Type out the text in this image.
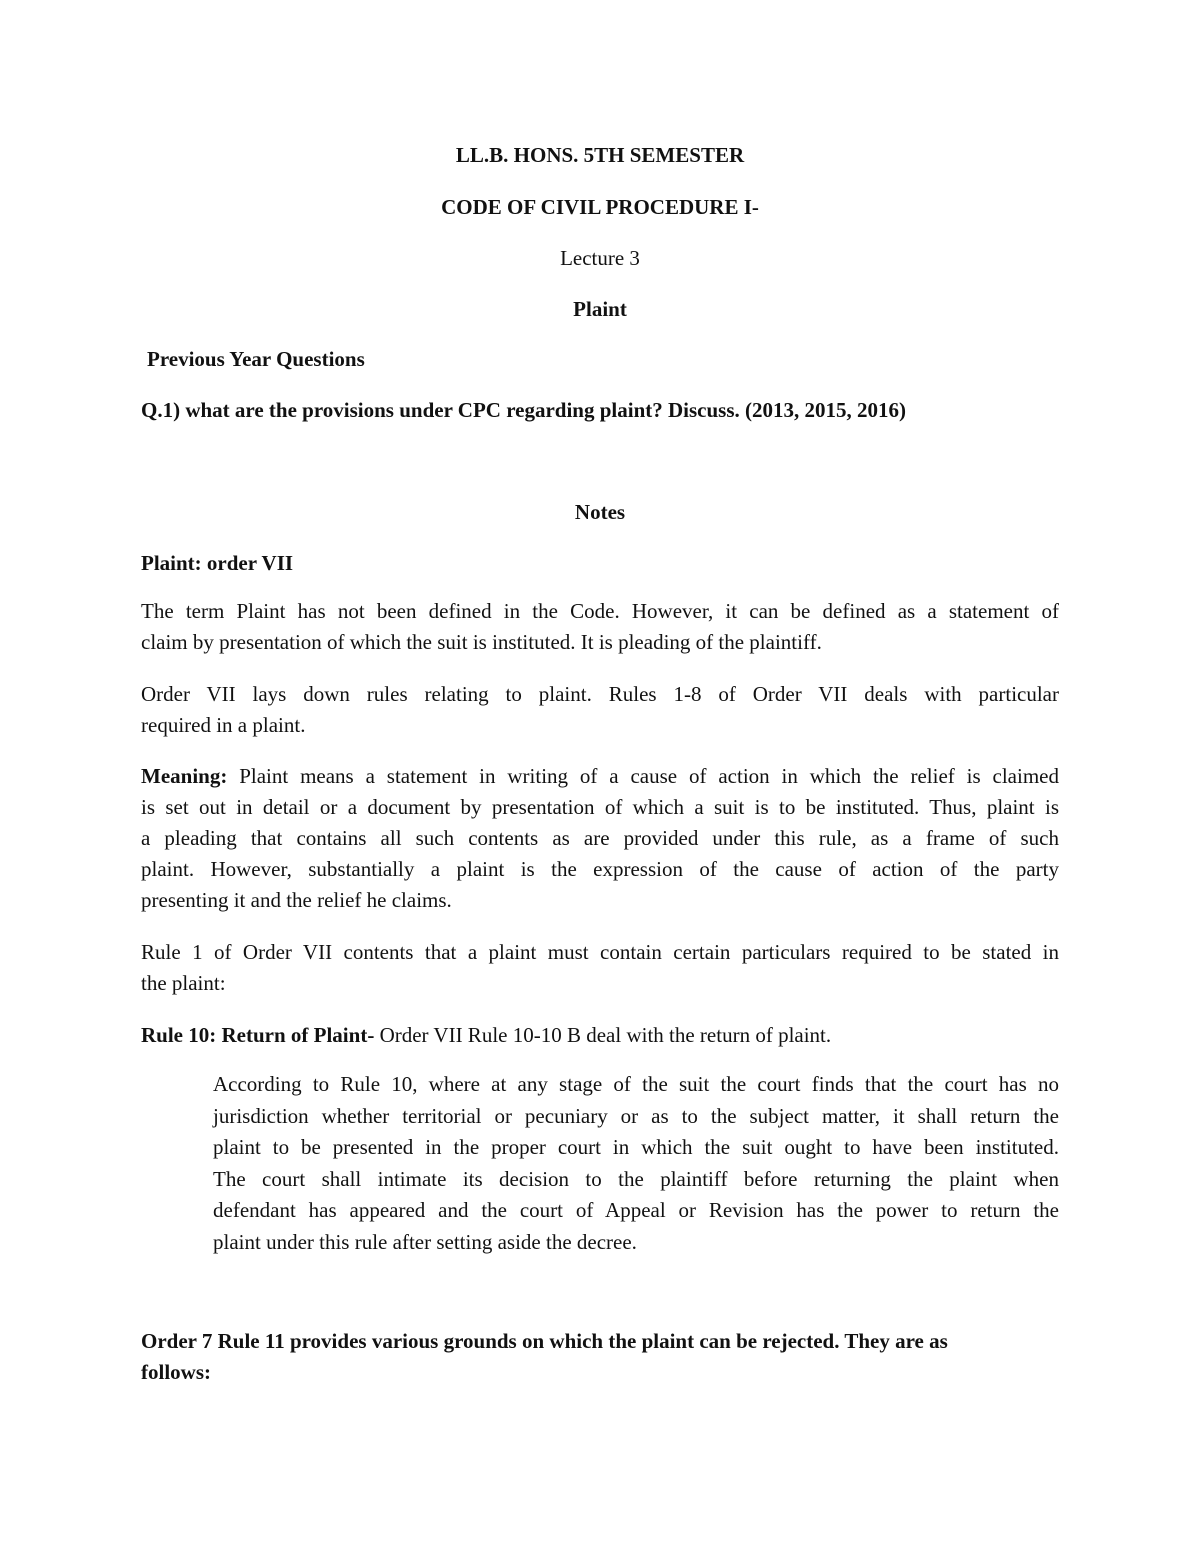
LL.B. HONS. 5TH SEMESTER
CODE OF CIVIL PROCEDURE I-
Lecture 3
Plaint
Previous Year Questions
Q.1) what are the provisions under CPC regarding plaint? Discuss. (2013, 2015, 2016)
Notes
Plaint: order VII
The term Plaint has not been defined in the Code. However, it can be defined as a statement of
claim by presentation of which the suit is instituted. It is pleading of the plaintiff.
Order VII lays down rules relating to plaint. Rules 1-8 of Order VII deals with particular
required in a plaint.
Meaning: Plaint means a statement in writing of a cause of action in which the relief is claimed
is set out in detail or a document by presentation of which a suit is to be instituted. Thus, plaint is
a pleading that contains all such contents as are provided under this rule, as a frame of such
plaint. However, substantially a plaint is the expression of the cause of action of the party
presenting it and the relief he claims.
Rule 1 of Order VII contents that a plaint must contain certain particulars required to be stated in
the plaint:
Rule 10: Return of Plaint- Order VII Rule 10-10 B deal with the return of plaint.
According to Rule 10, where at any stage of the suit the court finds that the court has no
jurisdiction whether territorial or pecuniary or as to the subject matter, it shall return the
plaint to be presented in the proper court in which the suit ought to have been instituted.
The court shall intimate its decision to the plaintiff before returning the plaint when
defendant has appeared and the court of Appeal or Revision has the power to return the
plaint under this rule after setting aside the decree.
Order 7 Rule 11 provides various grounds on which the plaint can be rejected. They are as
follows:
